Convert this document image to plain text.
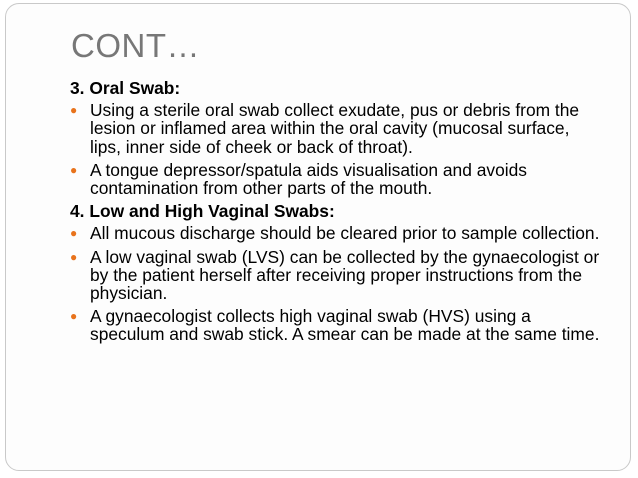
CONT…
3. Oral Swab:
● Using a sterile oral swab collect exudate, pus or debris from the lesion or inflamed area within the oral cavity (mucosal surface, lips, inner side of cheek or back of throat).
● A tongue depressor/spatula aids visualisation and avoids contamination from other parts of the mouth.
4. Low and High Vaginal Swabs:
● All mucous discharge should be cleared prior to sample collection.
● A low vaginal swab (LVS) can be collected by the gynaecologist or by the patient herself after receiving proper instructions from the physician.
● A gynaecologist collects high vaginal swab (HVS) using a speculum and swab stick. A smear can be made at the same time.
